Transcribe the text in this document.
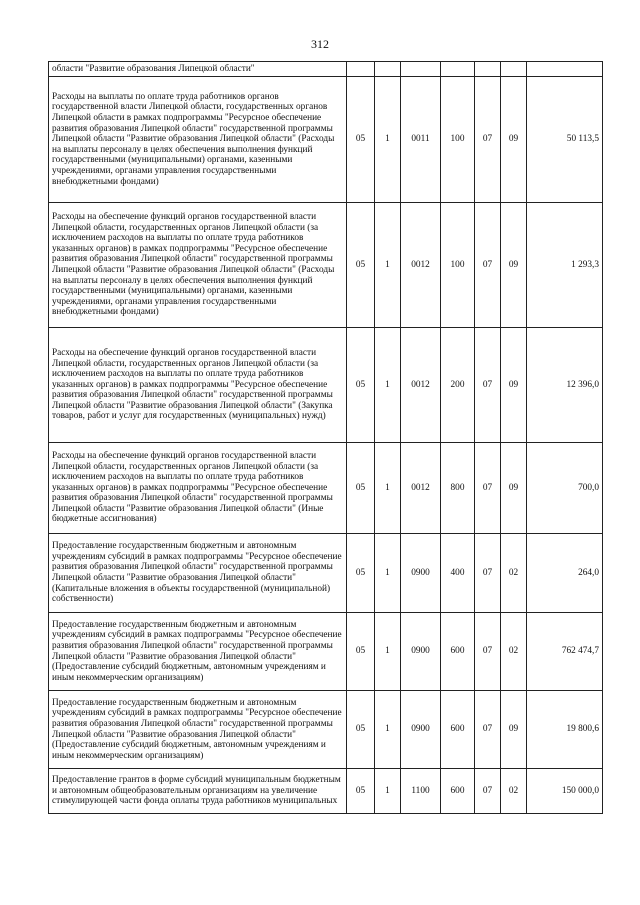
312
области "Развитие образования Липецкой области"							
Расходы на выплаты по оплате труда работников органов государственной власти Липецкой области, государственных органов Липецкой области в рамках подпрограммы "Ресурсное обеспечение развития образования Липецкой области" государственной программы Липецкой области "Развитие образования Липецкой области" (Расходы на выплаты персоналу в целях обеспечения выполнения функций государственными (муниципальными) органами, казенными учреждениями, органами управления государственными внебюджетными фондами)	05	1	0011	100	07	09	50 113,5
Расходы на обеспечение функций органов государственной власти Липецкой области, государственных органов Липецкой области (за исключением расходов на выплаты по оплате труда работников указанных органов) в рамках подпрограммы "Ресурсное обеспечение развития образования Липецкой области" государственной программы Липецкой области "Развитие образования Липецкой области" (Расходы на выплаты персоналу в целях обеспечения выполнения функций государственными (муниципальными) органами, казенными учреждениями, органами управления государственными внебюджетными фондами)	05	1	0012	100	07	09	1 293,3
Расходы на обеспечение функций органов государственной власти Липецкой области, государственных органов Липецкой области (за исключением расходов на выплаты по оплате труда работников указанных органов) в рамках подпрограммы "Ресурсное обеспечение развития образования Липецкой области" государственной программы Липецкой области "Развитие образования Липецкой области" (Закупка товаров, работ и услуг для государственных (муниципальных) нужд)	05	1	0012	200	07	09	12 396,0
Расходы на обеспечение функций органов государственной власти Липецкой области, государственных органов Липецкой области (за исключением расходов на выплаты по оплате труда работников указанных органов) в рамках подпрограммы "Ресурсное обеспечение развития образования Липецкой области" государственной программы Липецкой области "Развитие образования Липецкой области" (Иные бюджетные ассигнования)	05	1	0012	800	07	09	700,0
Предоставление государственным бюджетным и автономным учреждениям субсидий в рамках подпрограммы "Ресурсное обеспечение развития образования Липецкой области" государственной программы Липецкой области "Развитие образования Липецкой области" (Капитальные вложения в объекты государственной (муниципальной) собственности)	05	1	0900	400	07	02	264,0
Предоставление государственным бюджетным и автономным учреждениям субсидий в рамках подпрограммы "Ресурсное обеспечение развития образования Липецкой области" государственной программы Липецкой области "Развитие образования Липецкой области" (Предоставление субсидий бюджетным, автономным учреждениям и иным некоммерческим организациям)	05	1	0900	600	07	02	762 474,7
Предоставление государственным бюджетным и автономным учреждениям субсидий в рамках подпрограммы "Ресурсное обеспечение развития образования Липецкой области" государственной программы Липецкой области "Развитие образования Липецкой области" (Предоставление субсидий бюджетным, автономным учреждениям и иным некоммерческим организациям)	05	1	0900	600	07	09	19 800,6
Предоставление грантов в форме субсидий муниципальным бюджетным и автономным общеобразовательным организациям на увеличение стимулирующей части фонда оплаты труда работников муниципальных	05	1	1100	600	07	02	150 000,0
